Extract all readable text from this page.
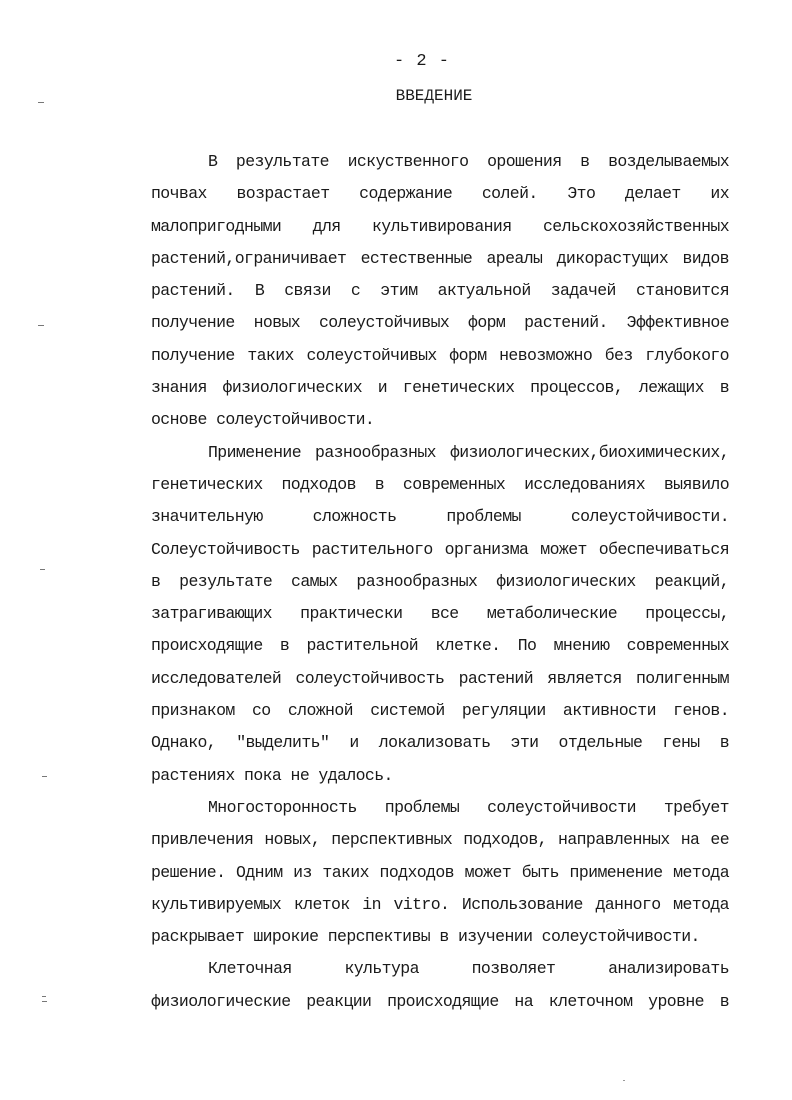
- 2 -
ВВЕДЕНИЕ
В результате искуственного орошения в возделываемых
почвах возрастает содержание солей. Это делает их
малопригодными для культивирования сельскохозяйственных
растений,ограничивает естественные ареалы дикорастущих видов
растений. В связи с этим актуальной задачей становится
получение новых солеустойчивых форм растений. Эффективное
получение таких солеустойчивых форм невозможно без глубокого
знания физиологических и генетических процессов, лежащих в
основе солеустойчивости.
Применение разнообразных физиологических,биохимических,
генетических подходов в современных исследованиях выявило
значительную сложность проблемы солеустойчивости.
Солеустойчивость растительного организма может обеспечиваться
в результате самых разнообразных физиологических реакций,
затрагивающих практически все метаболические процессы,
происходящие в растительной клетке. По мнению современных
исследователей солеустойчивость растений является полигенным
признаком со сложной системой регуляции активности генов.
Однако, "выделить" и локализовать эти отдельные гены в
растениях пока не удалось.
Многосторонность проблемы солеустойчивости требует
привлечения новых, перспективных подходов, направленных на ее
решение. Одним из таких подходов может быть применение метода
культивируемых клеток in vitro. Использование данного метода
раскрывает широкие перспективы в изучении солеустойчивости.
Клеточная культура позволяет анализировать
физиологические реакции происходящие на клеточном уровне в
